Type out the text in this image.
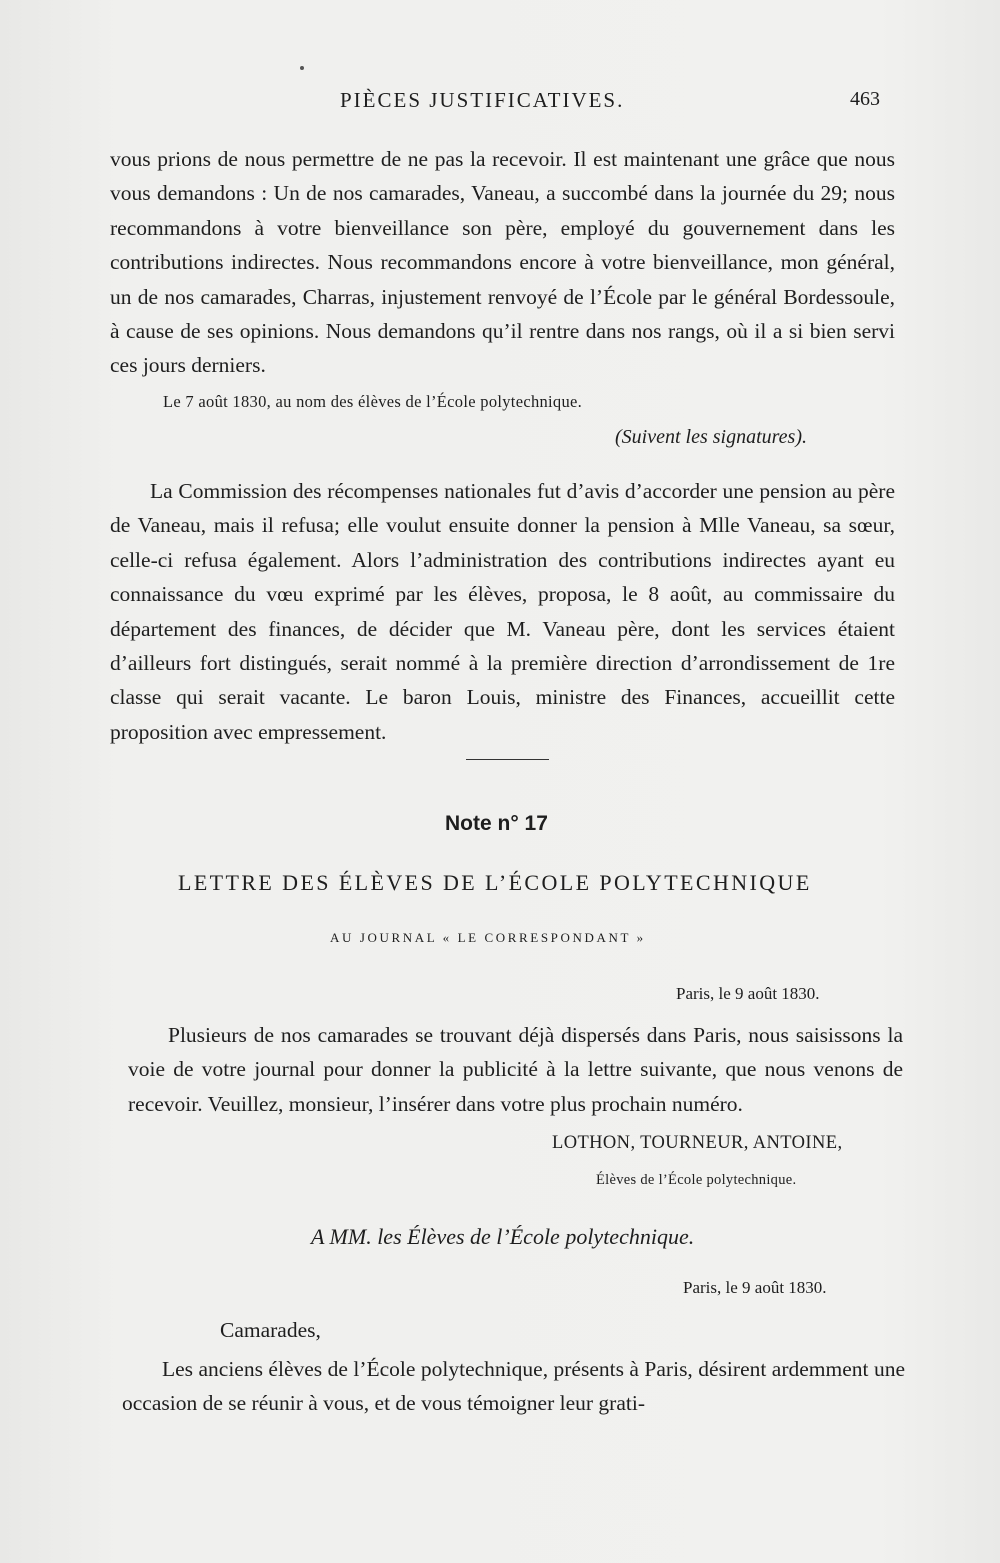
PIÈCES JUSTIFICATIVES.	463

vous prions de nous permettre de ne pas la recevoir. Il est maintenant une grâce que nous vous demandons : Un de nos camarades, Vaneau, a succombé dans la journée du 29; nous recommandons à votre bienveillance son père, employé du gouvernement dans les contributions indirectes. Nous recommandons encore à votre bienveillance, mon général, un de nos camarades, Charras, injustement renvoyé de l’École par le général Bordessoule, à cause de ses opinions. Nous demandons qu’il rentre dans nos rangs, où il a si bien servi ces jours derniers.

Le 7 août 1830, au nom des élèves de l’École polytechnique.
(Suivent les signatures).

La Commission des récompenses nationales fut d’avis d’accorder une pension au père de Vaneau, mais il refusa; elle voulut ensuite donner la pension à Mlle Vaneau, sa sœur, celle-ci refusa également. Alors l’administration des contributions indirectes ayant eu connaissance du vœu exprimé par les élèves, proposa, le 8 août, au commissaire du département des finances, de décider que M. Vaneau père, dont les services étaient d’ailleurs fort distingués, serait nommé à la première direction d’arrondissement de 1re classe qui serait vacante. Le baron Louis, ministre des Finances, accueillit cette proposition avec empressement.

Note n° 17
LETTRE DES ÉLÈVES DE L’ÉCOLE POLYTECHNIQUE
AU JOURNAL « LE CORRESPONDANT »
Paris, le 9 août 1830.

Plusieurs de nos camarades se trouvant déjà dispersés dans Paris, nous saisissons la voie de votre journal pour donner la publicité à la lettre suivante, que nous venons de recevoir. Veuillez, monsieur, l’insérer dans votre plus prochain numéro.

LOTHON, TOURNEUR, ANTOINE,
Élèves de l’École polytechnique.
A MM. les Élèves de l’École polytechnique.
Paris, le 9 août 1830.
Camarades,

Les anciens élèves de l’École polytechnique, présents à Paris, désirent ardemment une occasion de se réunir à vous, et de vous témoigner leur grati-
